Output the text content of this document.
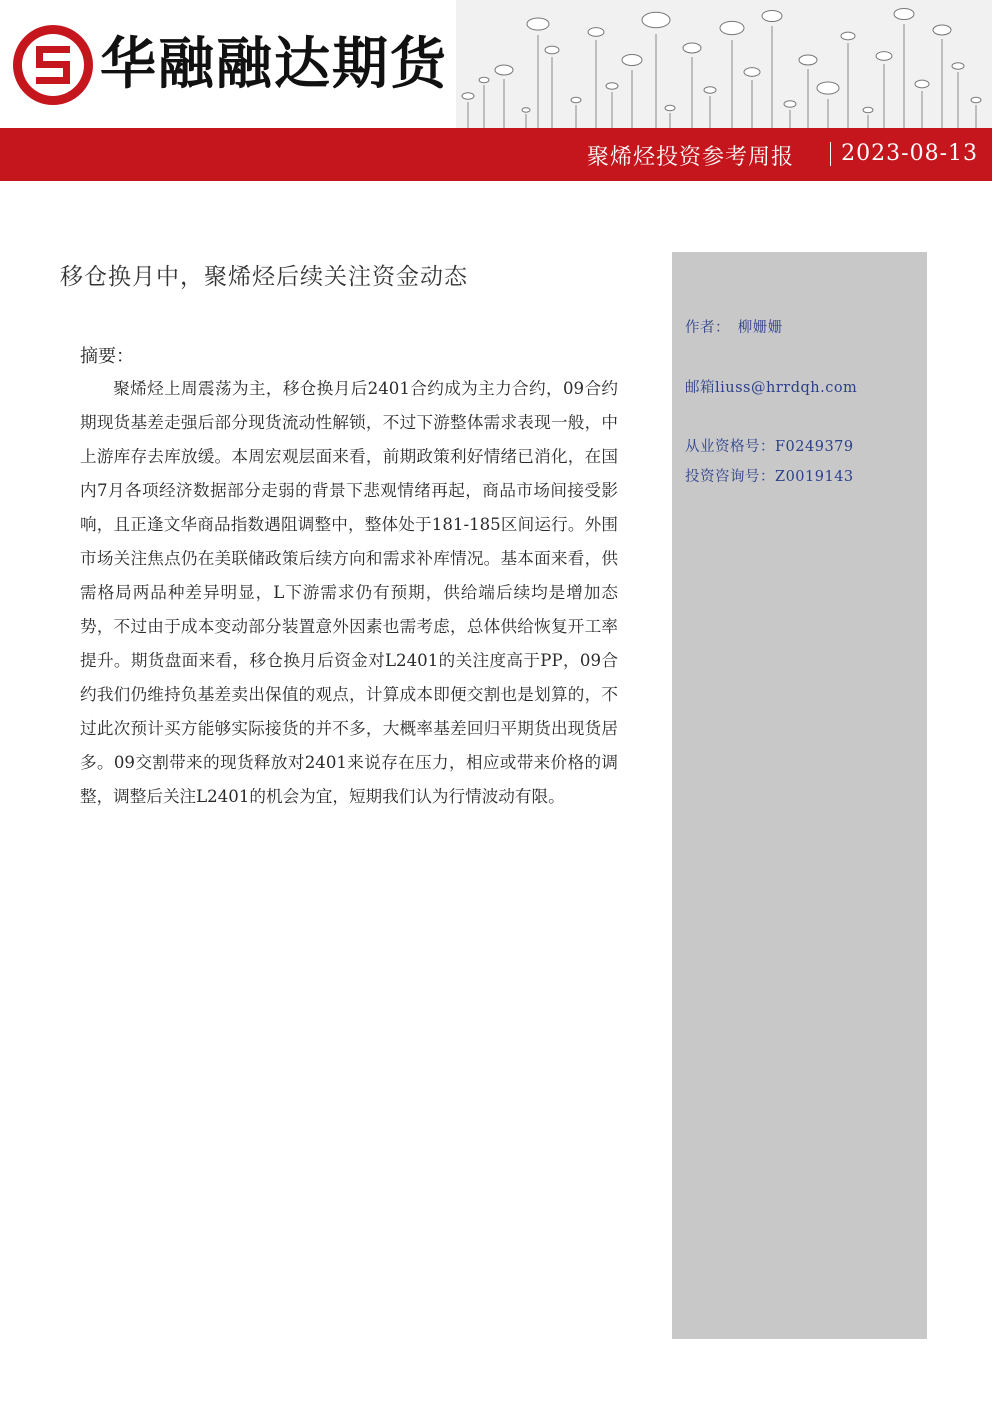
华融融达期货
聚烯烃投资参考周报 2023-08-13
移仓换月中，聚烯烃后续关注资金动态
摘要：

聚烯烃上周震荡为主，移仓换月后2401合约成为主力合约，09合约期现货基差走强后部分现货流动性解锁，不过下游整体需求表现一般，中上游库存去库放缓。本周宏观层面来看，前期政策利好情绪已消化，在国内7月各项经济数据部分走弱的背景下悲观情绪再起，商品市场间接受影响，且正逢文华商品指数遇阻调整中，整体处于181-185区间运行。外围市场关注焦点仍在美联储政策后续方向和需求补库情况。基本面来看，供需格局两品种差异明显，L下游需求仍有预期，供给端后续均是增加态势，不过由于成本变动部分装置意外因素也需考虑，总体供给恢复开工率提升。期货盘面来看，移仓换月后资金对L2401的关注度高于PP，09合约我们仍维持负基差卖出保值的观点，计算成本即便交割也是划算的，不过此次预计买方能够实际接货的并不多，大概率基差回归平期货出现货居多。09交割带来的现货释放对2401来说存在压力，相应或带来价格的调整，调整后关注L2401的机会为宜，短期我们认为行情波动有限。

作者：　柳姗姗
邮箱liuss@hrrdqh.com
从业资格号：F0249379
投资咨询号：Z0019143
